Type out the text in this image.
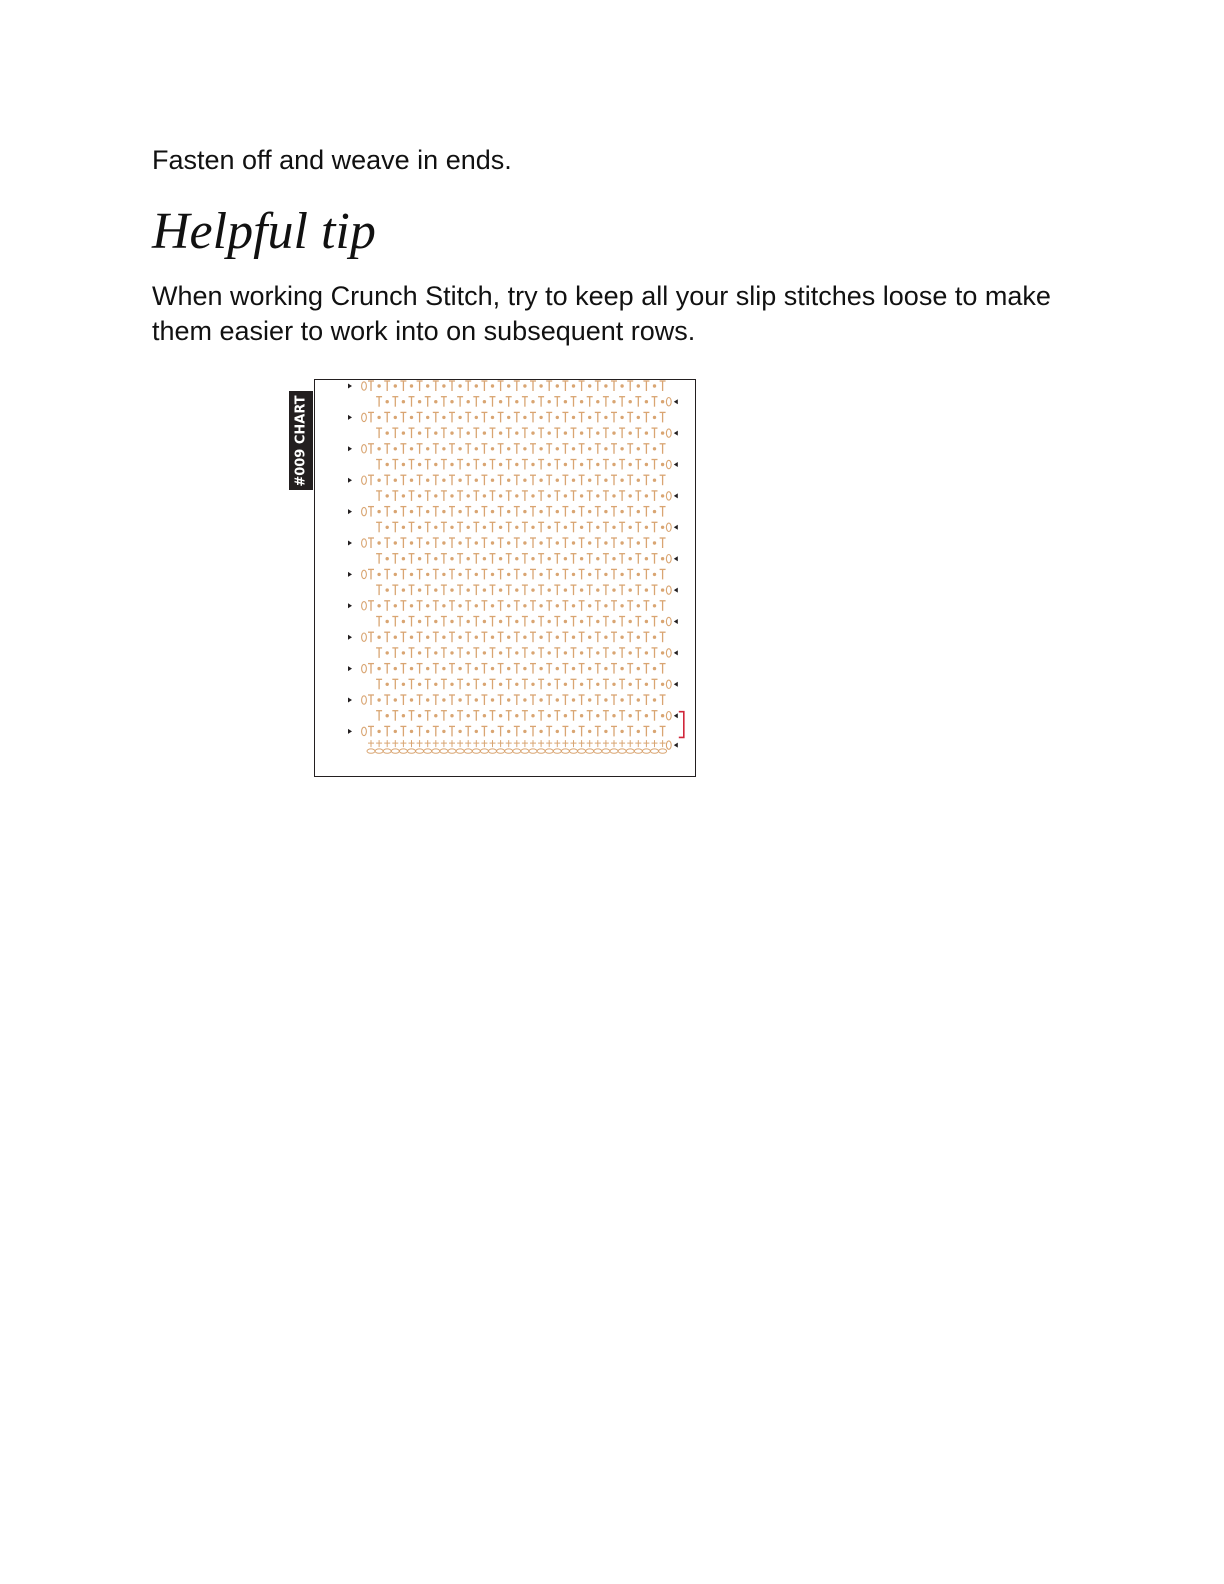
Fasten off and weave in ends.

Helpful tip

When working Crunch Stitch, try to keep all your slip stitches loose to make them easier to work into on subsequent rows.

#009 CHART
